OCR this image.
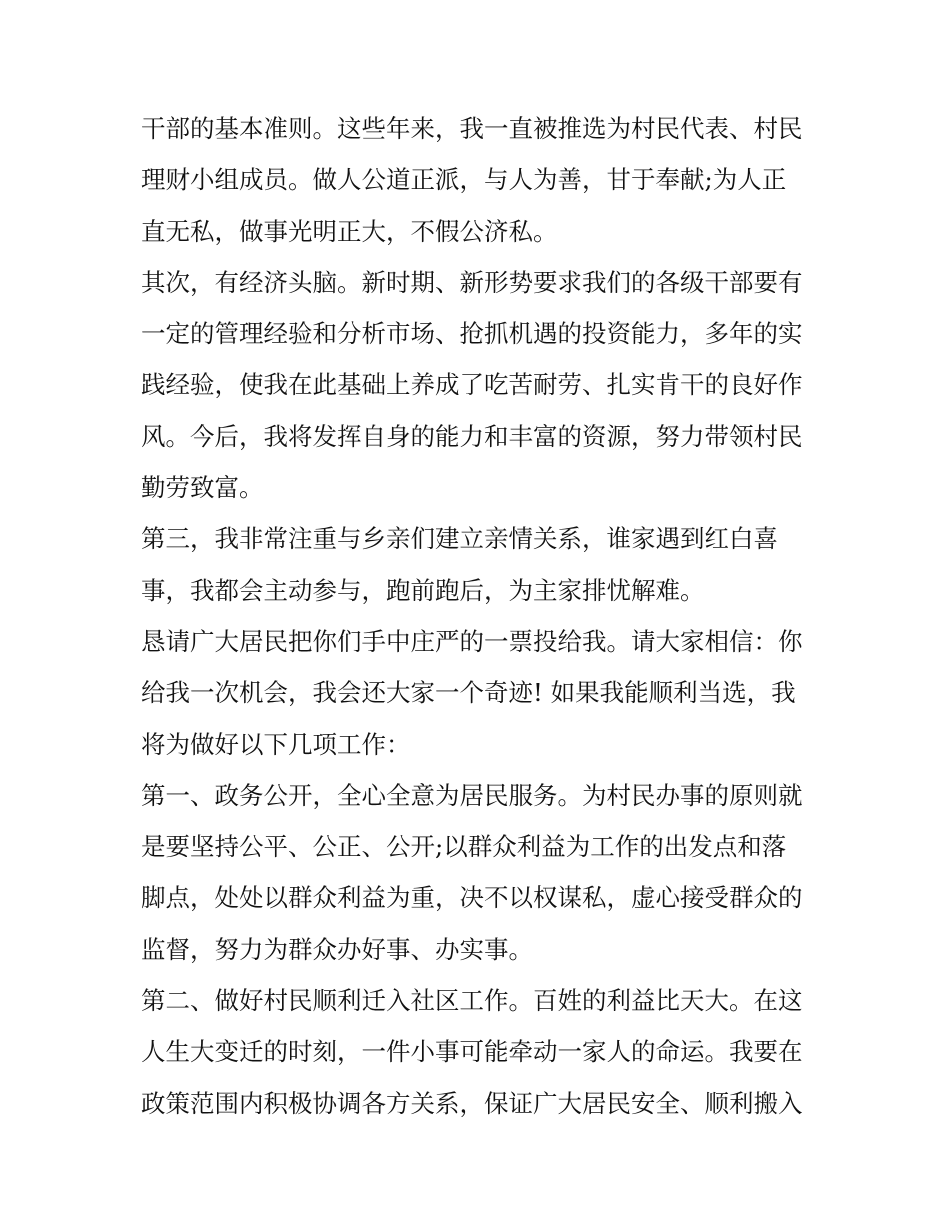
干部的基本准则。这些年来，我一直被推选为村民代表、村民
理财小组成员。做人公道正派，与人为善，甘于奉献;为人正
直无私，做事光明正大，不假公济私。
其次，有经济头脑。新时期、新形势要求我们的各级干部要有
一定的管理经验和分析市场、抢抓机遇的投资能力，多年的实
践经验，使我在此基础上养成了吃苦耐劳、扎实肯干的良好作
风。今后，我将发挥自身的能力和丰富的资源，努力带领村民
勤劳致富。
第三，我非常注重与乡亲们建立亲情关系，谁家遇到红白喜
事，我都会主动参与，跑前跑后，为主家排忧解难。
恳请广大居民把你们手中庄严的一票投给我。请大家相信：你
给我一次机会，我会还大家一个奇迹! 如果我能顺利当选，我
将为做好以下几项工作：
第一、政务公开，全心全意为居民服务。为村民办事的原则就
是要坚持公平、公正、公开;以群众利益为工作的出发点和落
脚点，处处以群众利益为重，决不以权谋私，虚心接受群众的
监督，努力为群众办好事、办实事。
第二、做好村民顺利迁入社区工作。百姓的利益比天大。在这
人生大变迁的时刻，一件小事可能牵动一家人的命运。我要在
政策范围内积极协调各方关系，保证广大居民安全、顺利搬入
